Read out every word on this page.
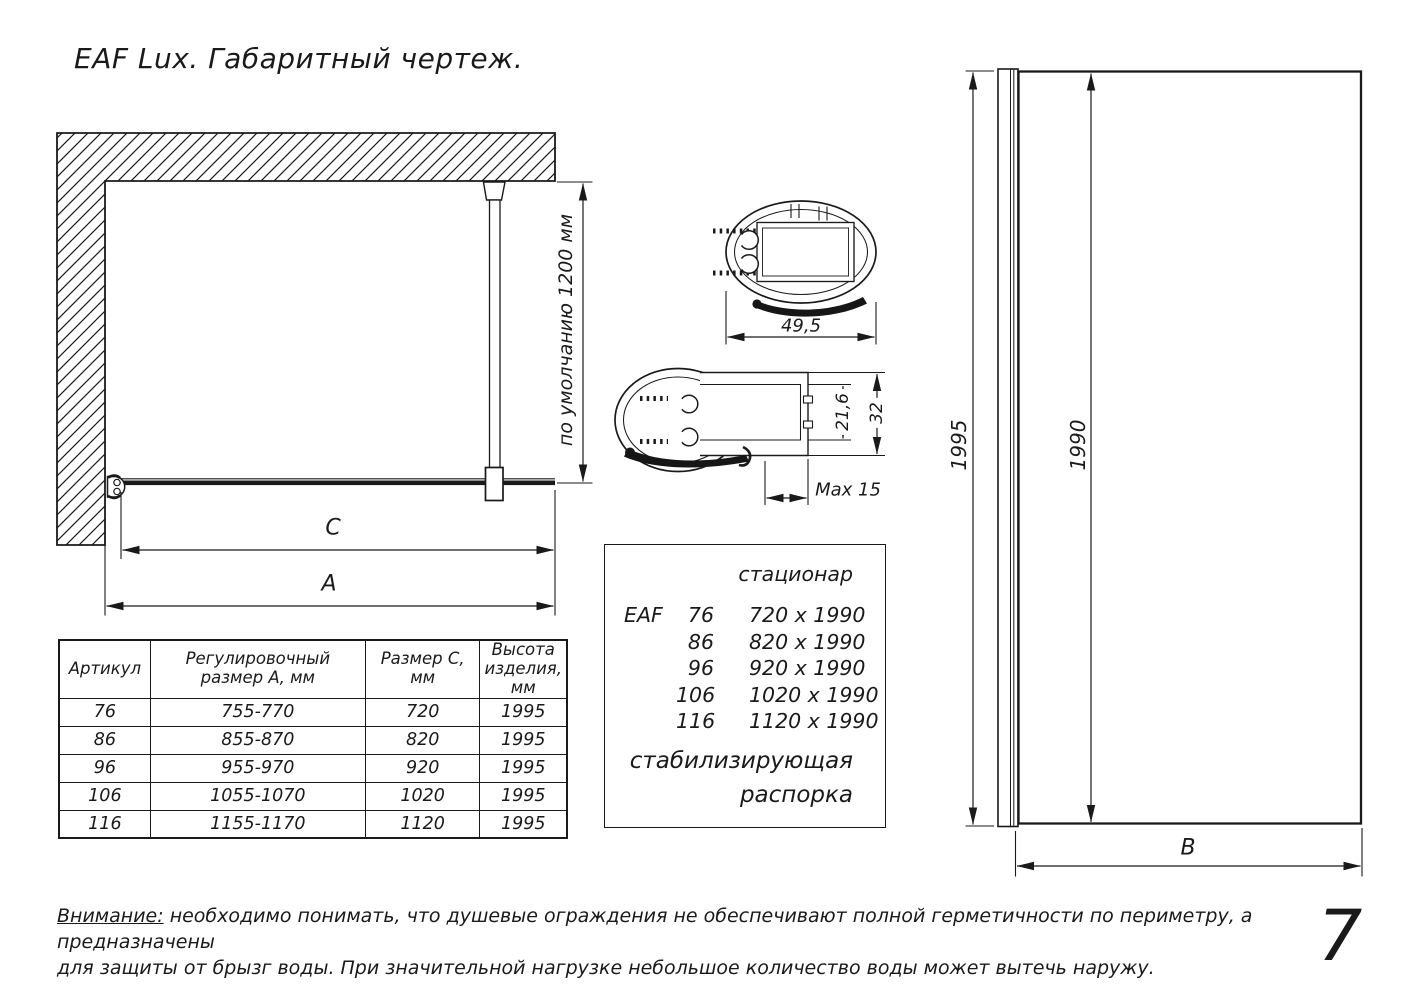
EAF Lux. Габаритный чертеж.
по умолчанию 1200 мм
C
A
49,5
21,6 32
Max 15
1995	1990
B
Артикул	Регулировочный размер А, мм	Размер С, мм	Высота изделия, мм
76	755-770	720	1995
86	855-870	820	1995
96	955-970	920	1995
106	1055-1070	1020	1995
116	1155-1170	1120	1995
стационар
EAF	76 720 x 1990
86 820 x 1990
96 920 x 1990
106 1020 x 1990
116 1120 x 1990
стабилизирующая
распорка
Внимание: необходимо понимать, что душевые ограждения не обеспечивают полной герметичности по периметру, а предназначены
для защиты от брызг воды. При значительной нагрузке небольшое количество воды может вытечь наружу.	7
